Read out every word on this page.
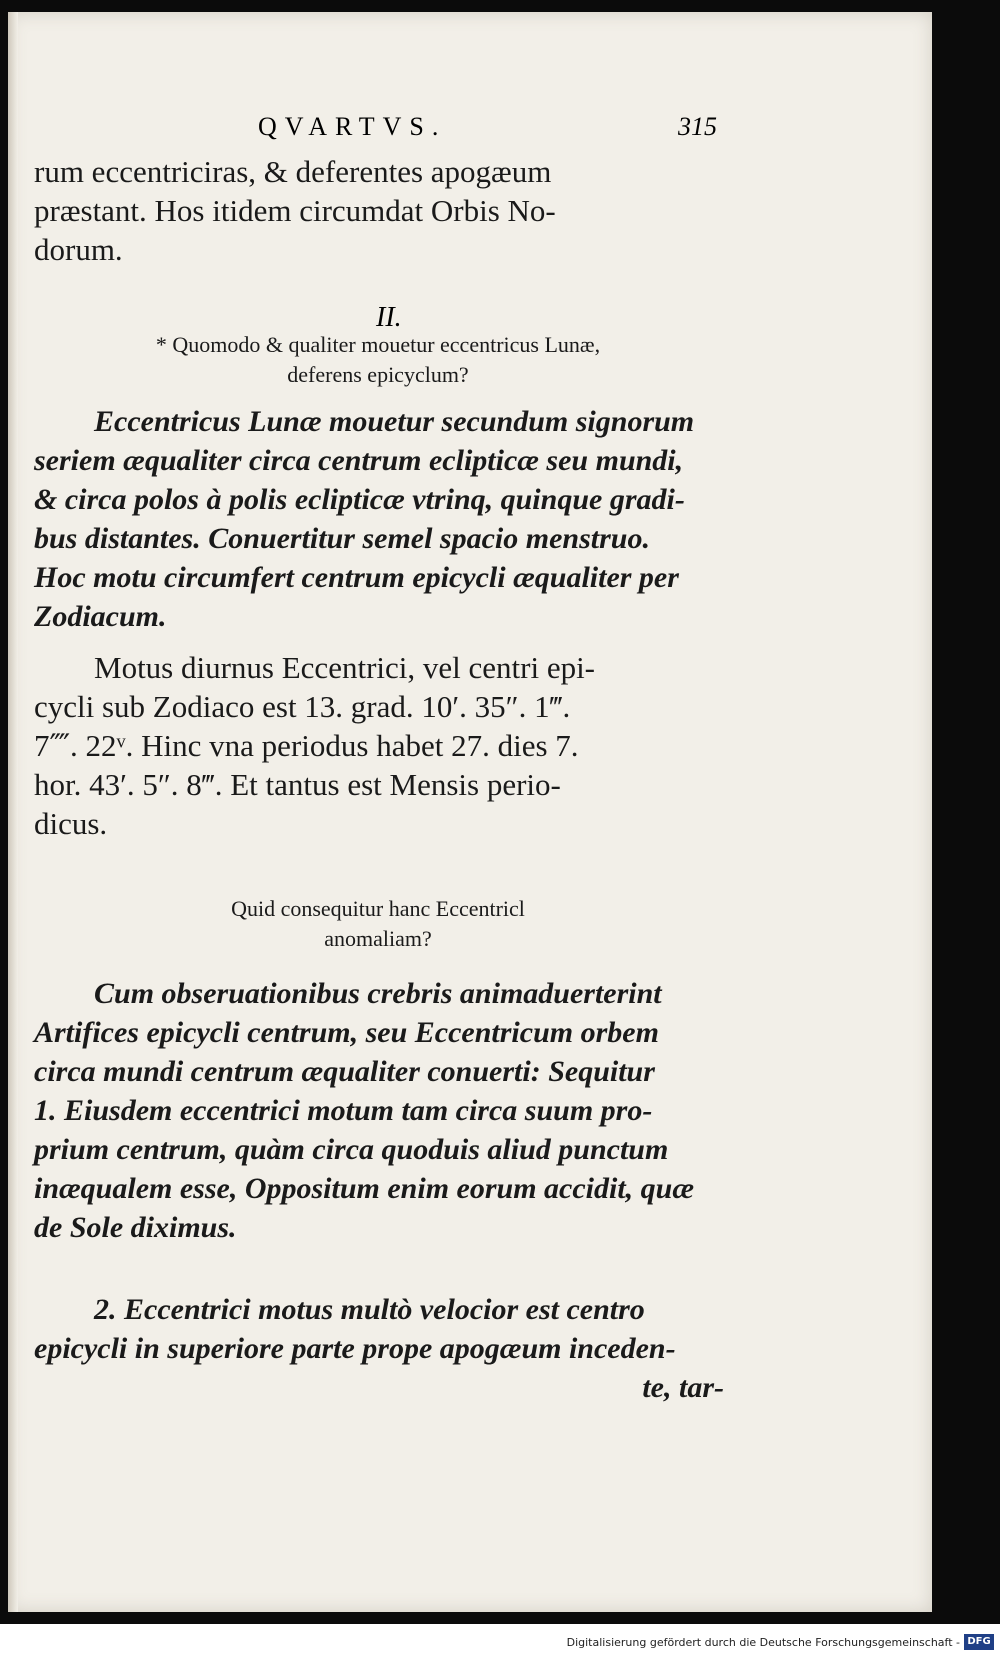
QVARTVS.	315
rum eccentriciras, & deferentes apogæum
præstant. Hos itidem circumdat Orbis No-
dorum.
II.
* Quomodo & qualiter mouetur eccentricus Lunæ,
deferens epicyclum?
Eccentricus Lunæ mouetur secundum signorum
seriem æqualiter circa centrum eclipticæ seu mundi,
& circa polos à polis eclipticæ vtrinq, quinque gradi-
bus distantes. Conuertitur semel spacio menstruo.
Hoc motu circumfert centrum epicycli æqualiter per
Zodiacum.
Motus diurnus Eccentrici, vel centri epi-
cycli sub Zodiaco est 13. grad. 10′. 35″. 1‴.
7⁗. 22ᵛ. Hinc vna periodus habet 27. dies 7.
hor. 43′. 5″. 8‴. Et tantus est Mensis perio-
dicus.
Quid consequitur hanc Eccentricl
anomaliam?
Cum obseruationibus crebris animaduerterint
Artifices epicycli centrum, seu Eccentricum orbem
circa mundi centrum æqualiter conuerti: Sequitur
1. Eiusdem eccentrici motum tam circa suum pro-
prium centrum, quàm circa quoduis aliud punctum
inæqualem esse, Oppositum enim eorum accidit, quæ
de Sole diximus.
2. Eccentrici motus multò velocior est centro
epicycli in superiore parte prope apogæum inceden-
te, tar-
Digitalisierung gefördert durch die Deutsche Forschungsgemeinschaft - DFG
